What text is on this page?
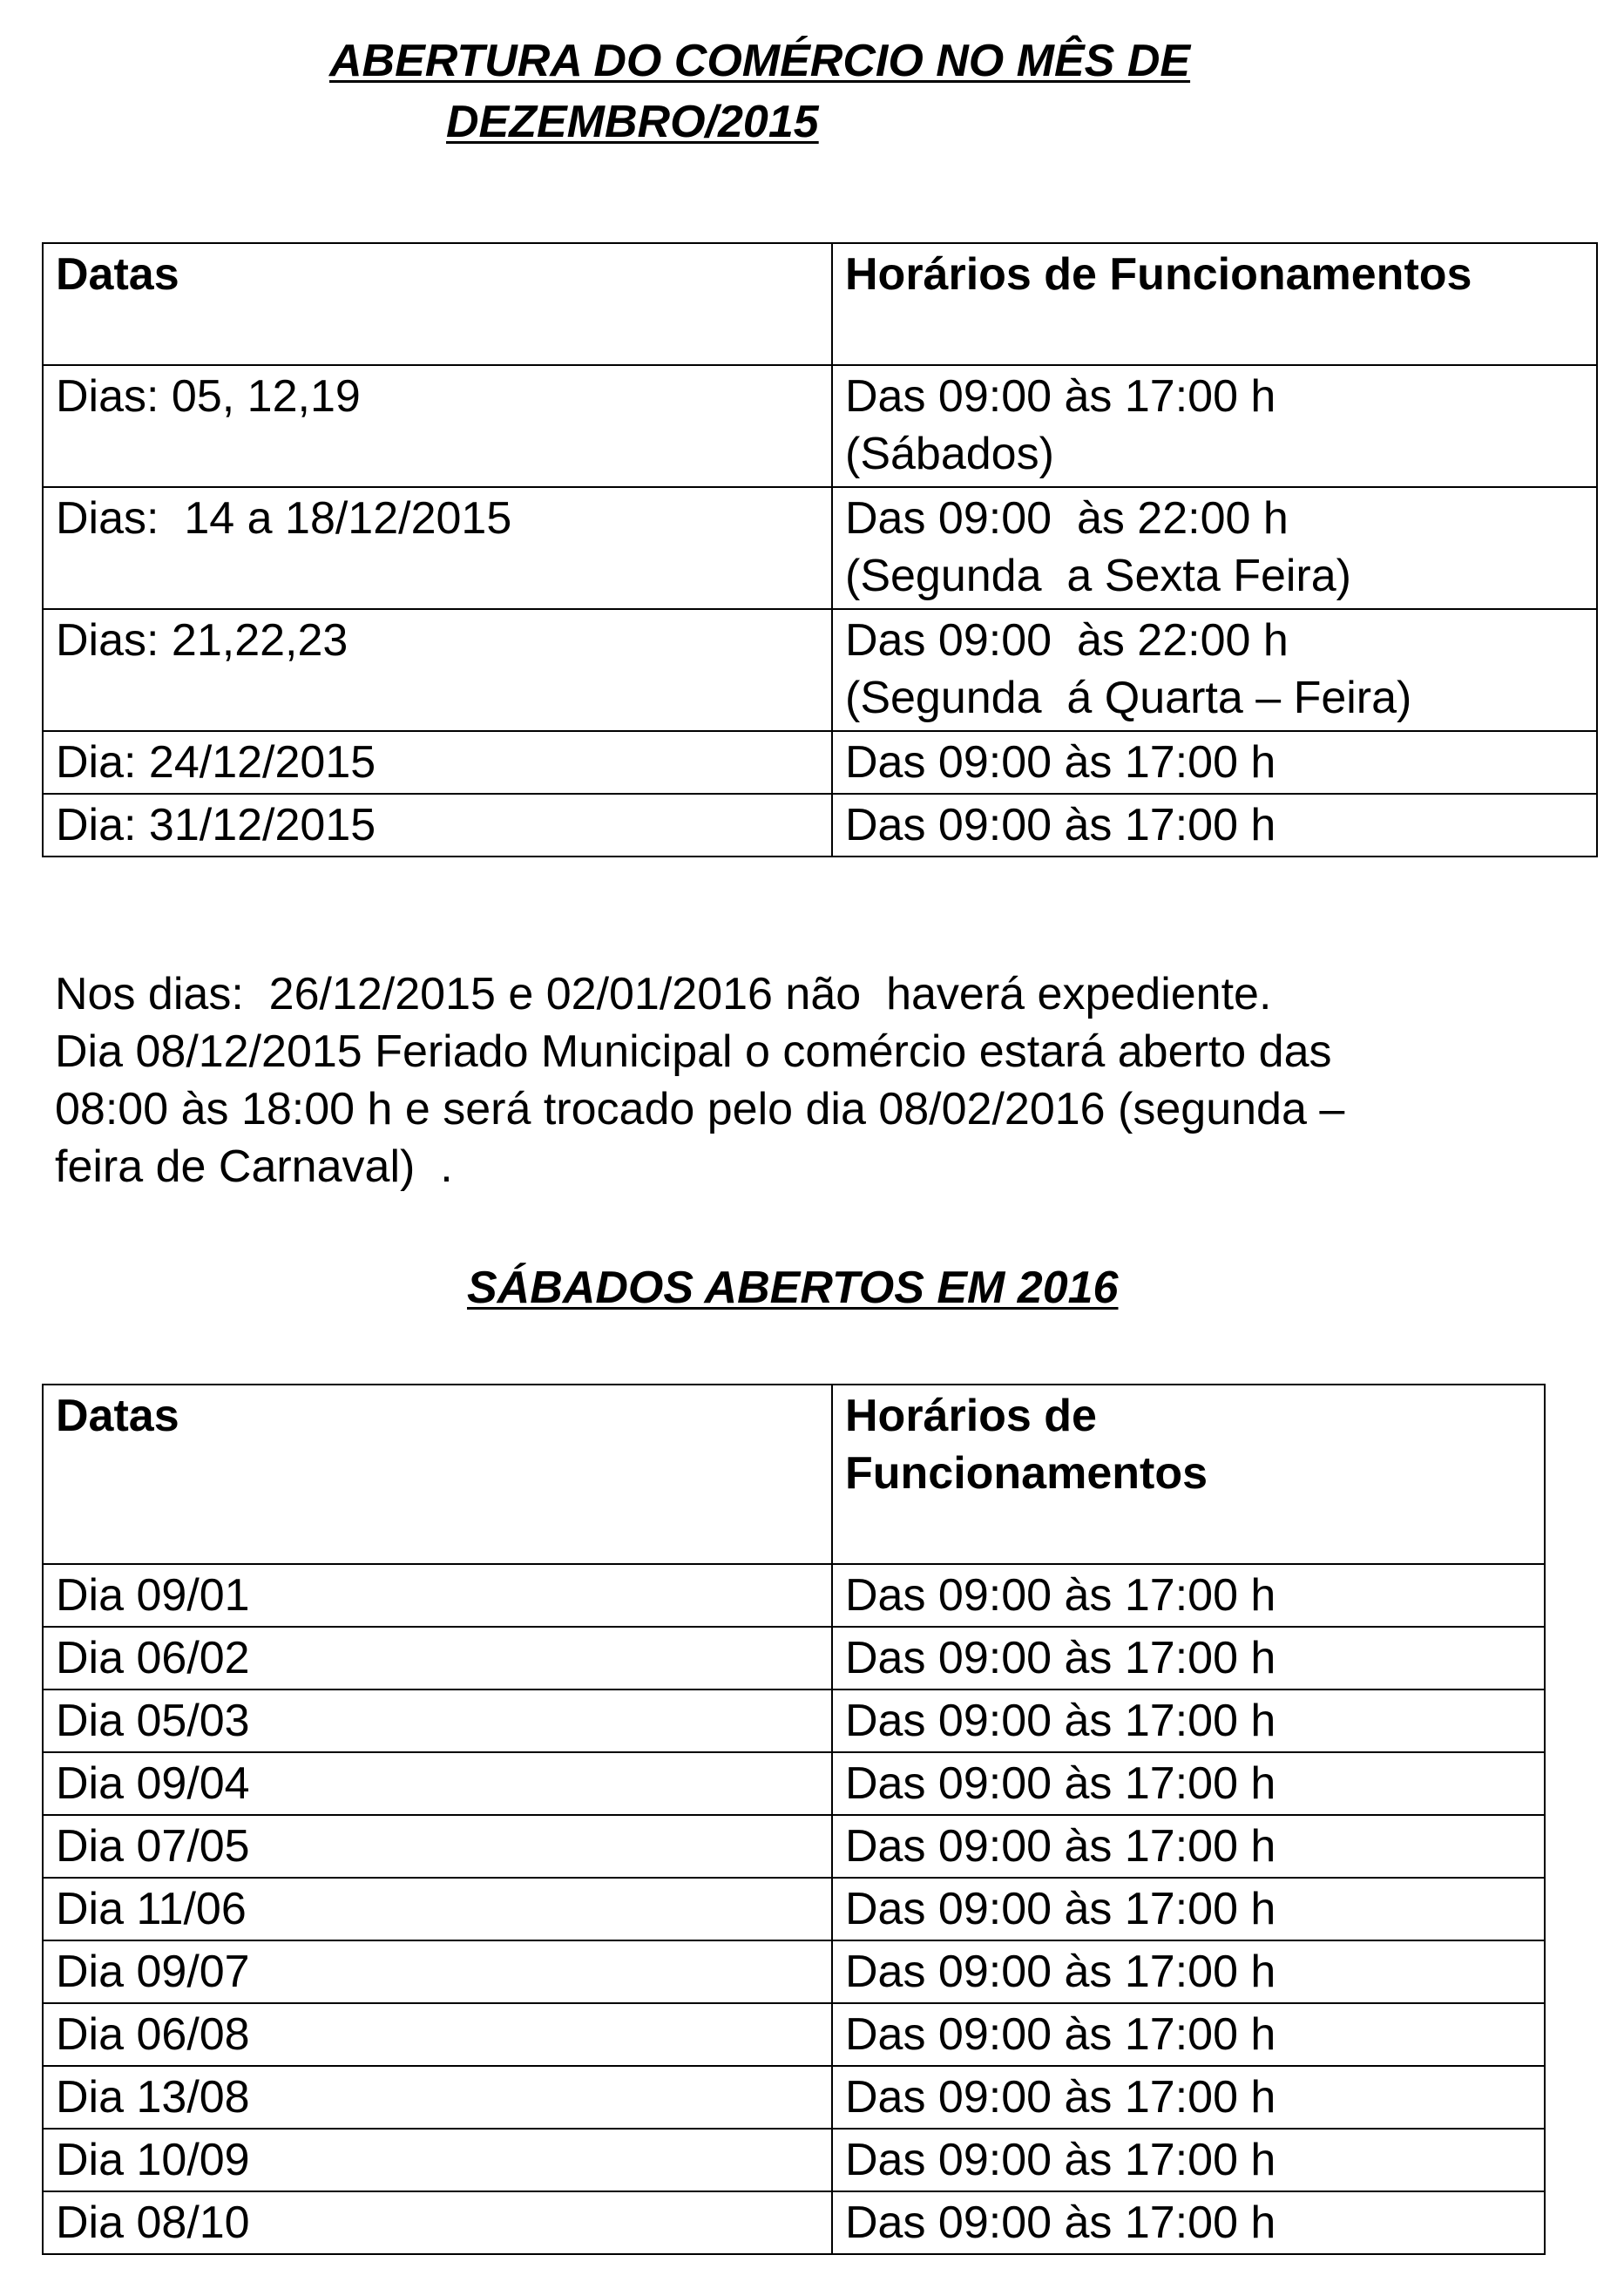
ABERTURA DO COMÉRCIO NO MÊS DE
DEZEMBRO/2015
Datas	Horários de Funcionamentos
Dias: 05, 12,19	Das 09:00 às 17:00 h
(Sábados)

Dias:  14 a 18/12/2015	Das 09:00  às 22:00 h
(Segunda  a Sexta Feira)

Dias: 21,22,23	Das 09:00  às 22:00 h
(Segunda  á Quarta – Feira)

Dia: 24/12/2015	Das 09:00 às 17:00 h
Dia: 31/12/2015	Das 09:00 às 17:00 h

Nos dias:  26/12/2015 e 02/01/2016 não  haverá expediente.

Dia 08/12/2015 Feriado Municipal o comércio estará aberto das

08:00 às 18:00 h e será trocado pelo dia 08/02/2016 (segunda –

feira de Carnaval)  .

SÁBADOS ABERTOS EM 2016
Datas	Horários de
Funcionamentos

Dia 09/01	Das 09:00 às 17:00 h
Dia 06/02	Das 09:00 às 17:00 h
Dia 05/03	Das 09:00 às 17:00 h
Dia 09/04	Das 09:00 às 17:00 h
Dia 07/05	Das 09:00 às 17:00 h
Dia 11/06	Das 09:00 às 17:00 h
Dia 09/07	Das 09:00 às 17:00 h
Dia 06/08	Das 09:00 às 17:00 h
Dia 13/08	Das 09:00 às 17:00 h
Dia 10/09	Das 09:00 às 17:00 h
Dia 08/10	Das 09:00 às 17:00 h
